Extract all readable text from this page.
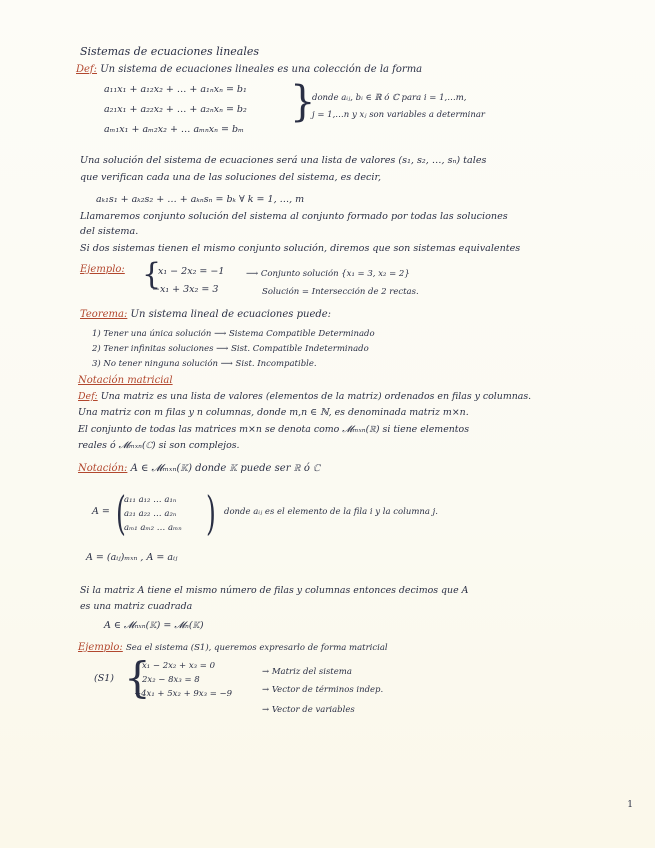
Sistemas de ecuaciones lineales
Def: Un sistema de ecuaciones lineales es una colección de la forma
a₁₁x₁ + a₁₂x₂ + … + a₁ₙxₙ = b₁
a₂₁x₁ + a₂₂x₂ + … + a₂ₙxₙ = b₂
aₘ₁x₁ + aₘ₂x₂ + … aₘₙxₙ = bₘ
}
donde aᵢⱼ, bᵢ ∈ ℝ ó ℂ para i = 1,…m,
j = 1,…n y xⱼ son variables a determinar
Una solución del sistema de ecuaciones será una lista de valores (s₁, s₂, …, sₙ) tales
que verifican cada una de las soluciones del sistema, es decir,
aₖ₁s₁ + aₖ₂s₂ + … + aₖₙsₙ = bₖ ∀ k = 1, …, m
Llamaremos conjunto solución del sistema al conjunto formado por todas las soluciones
del sistema.
Si dos sistemas tienen el mismo conjunto solución, diremos que son sistemas equivalentes
Ejemplo: {
x₁ − 2x₂ = −1
−x₁ + 3x₂ = 3
⟶ Conjunto solución {x₁ = 3, x₂ = 2}
Solución = Intersección de 2 rectas.
Teorema: Un sistema lineal de ecuaciones puede:
1) Tener una única solución ⟶ Sistema Compatible Determinado
2) Tener infinitas soluciones ⟶ Sist. Compatible Indeterminado
3) No tener ninguna solución ⟶ Sist. Incompatible.
Notación matricial
Def: Una matriz es una lista de valores (elementos de la matriz) ordenados en filas y columnas.
Una matriz con m filas y n columnas, donde m,n ∈ ℕ, es denominada matriz m×n.
El conjunto de todas las matrices m×n se denota como 𝓜ₘₓₙ(ℝ) si tiene elementos
reales ó 𝓜ₘₓₙ(ℂ) si son complejos.
Notación: A ∈ 𝓜ₘₓₙ(𝕂) donde 𝕂 puede ser ℝ ó ℂ
A = (
a₁₁ a₁₂ … a₁ₙ
a₂₁ a₂₂ … a₂ₙ
aₘ₁ aₘ₂ … aₘₙ ) donde aᵢⱼ es el elemento de la fila i y la columna j.
A = (aᵢⱼ)ₘₓₙ , A = aᵢⱼ
Si la matriz A tiene el mismo número de filas y columnas entonces decimos que A
es una matriz cuadrada
A ∈ 𝓜ₙₓₙ(𝕂) = 𝓜ₙ(𝕂)
Ejemplo: Sea el sistema (S1), queremos expresarlo de forma matricial
(S1) {
x₁ − 2x₂ + x₃ = 0
2x₂ − 8x₃ = 8
−4x₁ + 5x₂ + 9x₃ = −9
→ Matriz del sistema
→ Vector de términos indep.
→ Vector de variables
1
